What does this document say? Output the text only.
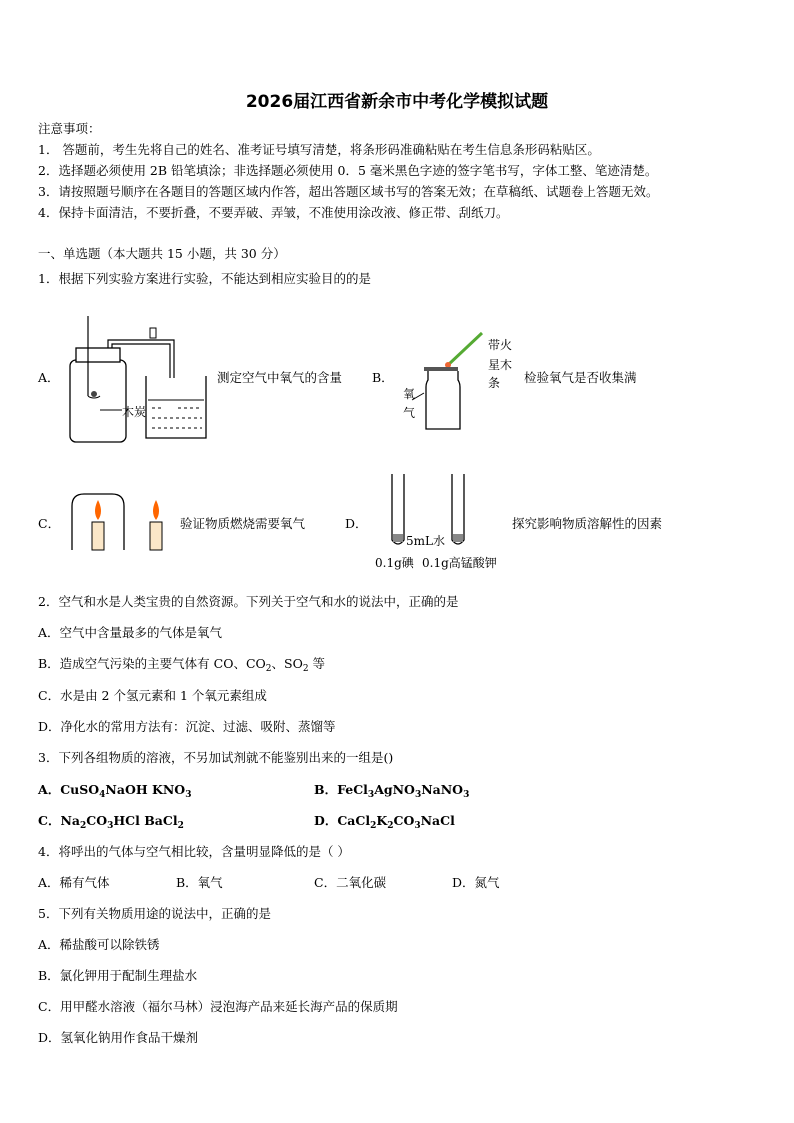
2026届江西省新余市中考化学模拟试题
注意事项：
1． 答题前，考生先将自己的姓名、准考证号填写清楚，将条形码准确粘贴在考生信息条形码粘贴区。
2．选择题必须使用 2B 铅笔填涂；非选择题必须使用 0．5 毫米黑色字迹的签字笔书写，字体工整、笔迹清楚。
3．请按照题号顺序在各题目的答题区域内作答，超出答题区域书写的答案无效；在草稿纸、试题卷上答题无效。
4．保持卡面清洁，不要折叠，不要弄破、弄皱，不准使用涂改液、修正带、刮纸刀。
一、单选题（本大题共 15 小题，共 30 分）
1．根据下列实验方案进行实验，不能达到相应实验目的的是
A．
木炭
测定空气中氧气的含量 B．
氧
气
带火
星木
条 检验氧气是否收集满
C．	验证物质燃烧需要氧气	D．
5mL水
0.1g碘 0.1g高锰酸钾
探究影响物质溶解性的因素
2．空气和水是人类宝贵的自然资源。下列关于空气和水的说法中，正确的是
A．空气中含量最多的气体是氧气
B．造成空气污染的主要气体有 CO、$CO_2$、$SO_2$ 等
C．水是由 2 个氢元素和 1 个氧元素组成
D．净化水的常用方法有：沉淀、过滤、吸附、蒸馏等
3．下列各组物质的溶液，不另加试剂就不能鉴别出来的一组是()
A．CuSO$_4$NaOH $KNO_3$	B．FeCl$_3$AgNO$_3$NaNO$_3$
C．$Na_2CO_3HCl$ BaCl$_2$	D．$CaCl_2K_2CO_3NaCl$
4．将呼出的气体与空气相比较，含量明显降低的是（ ）
A．稀有气体	B．氧气	C．二氧化碳	D．氮气
5．下列有关物质用途的说法中，正确的是
A．稀盐酸可以除铁锈
B．氯化钾用于配制生理盐水
C．用甲醛水溶液（福尔马林）浸泡海产品来延长海产品的保质期
D．氢氧化钠用作食品干燥剂
